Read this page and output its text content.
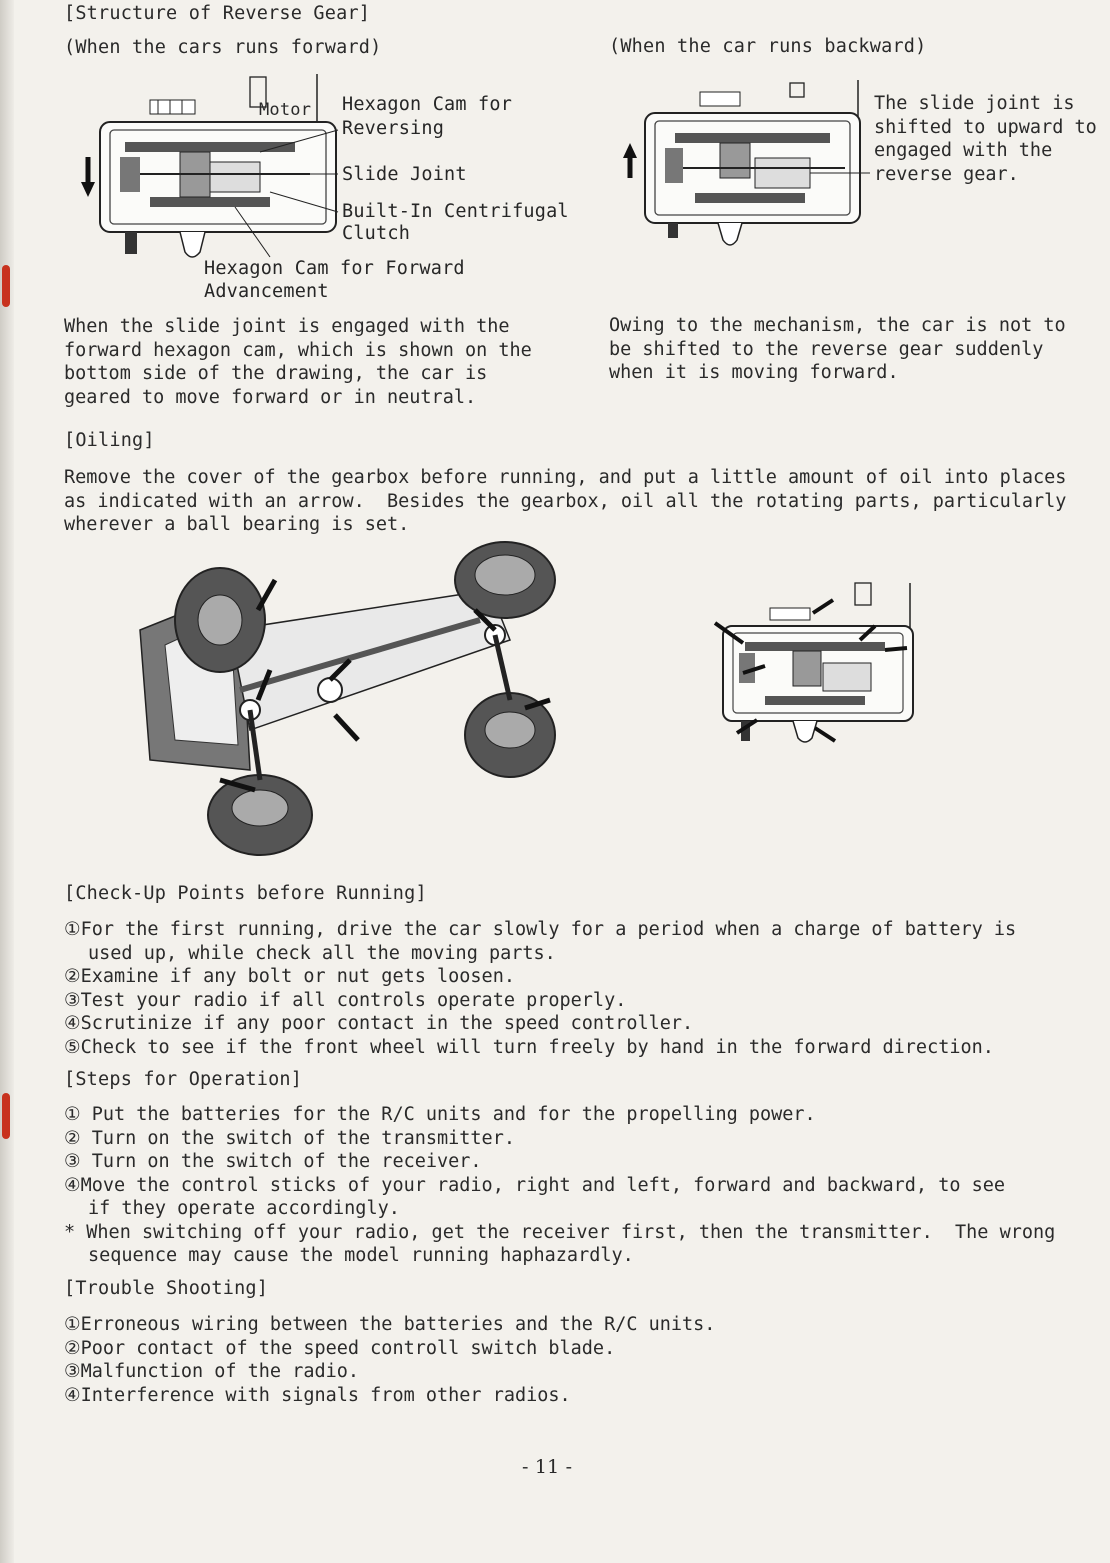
[Structure of Reverse Gear]
(When the cars runs forward)	(When the car runs backward)
Motor Hexagon Cam for
Reversing
Slide Joint
Built-In Centrifugal
Clutch
Hexagon Cam for Forward
Advancement
The slide joint is
shifted to upward to
engaged with the
reverse gear.
When the slide joint is engaged with the
forward hexagon cam, which is shown on the
bottom side of the drawing, the car is
geared to move forward or in neutral.
Owing to the mechanism, the car is not to
be shifted to the reverse gear suddenly
when it is moving forward.
[Oiling]
Remove the cover of the gearbox before running, and put a little amount of oil into places
as indicated with an arrow.  Besides the gearbox, oil all the rotating parts, particularly
wherever a ball bearing is set.
[Check-Up Points before Running]
①For the first running, drive the car slowly for a period when a charge of battery is
used up, while check all the moving parts.
②Examine if any bolt or nut gets loosen.
③Test your radio if all controls operate properly.
④Scrutinize if any poor contact in the speed controller.
⑤Check to see if the front wheel will turn freely by hand in the forward direction.
[Steps for Operation]
① Put the batteries for the R/C units and for the propelling power.
② Turn on the switch of the transmitter.
③ Turn on the switch of the receiver.
④Move the control sticks of your radio, right and left, forward and backward, to see
if they operate accordingly.
* When switching off your radio, get the receiver first, then the transmitter.  The wrong
sequence may cause the model running haphazardly.
[Trouble Shooting]
①Erroneous wiring between the batteries and the R/C units.
②Poor contact of the speed controll switch blade.
③Malfunction of the radio.
④Interference with signals from other radios.
- 11 -
